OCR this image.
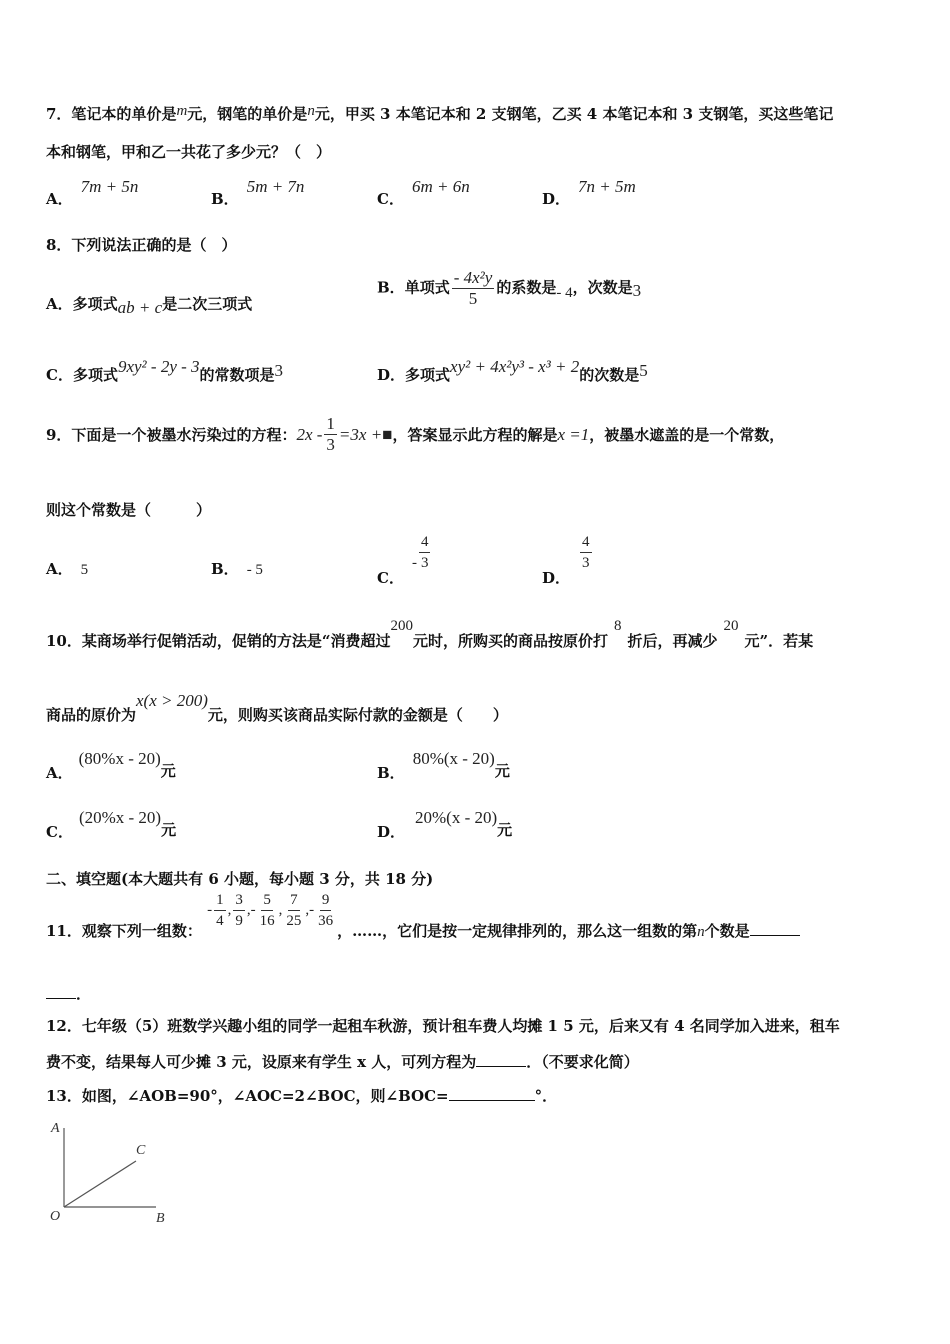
7．笔记本的单价是m元，钢笔的单价是n元，甲买 3 本笔记本和 2 支钢笔，乙买 4 本笔记本和 3 支钢笔，买这些笔记
本和钢笔，甲和乙一共花了多少元？（　）
A．7m + 5n
B．5m + 7n
C．6m + 6n
D．7n + 5m
8．下列说法正确的是（　）
A．多项式ab + c是二次三项式
B．单项式 $\frac{\text{- 4x²y}}{5}$ 的系数是- 4，次数是3
C．多项式9xy² - 2y - 3的常数项是3	D．多项式xy² + 4x²y³ - x³ + 2的次数是5
9．下面是一个被墨水污染过的方程： $2x - \frac{1}{3} =3x$ + ■ ，答案显示此方程的解是x =1，被墨水遮盖的是一个常数，
则这个常数是（　　　）
A． 5	B． - 5	C．- $\frac{4}{3}$
D．
$\frac{4}{3}$
10．某商场举行促销活动，促销的方法是“消费超过200元时，所购买的商品按原价打8折后，再减少20元”．若某
商品的原价为x(x > 200)元，则购买该商品实际付款的金额是（　　）
A．(80%x - 20)元	B．80%(x - 20)元
C．(20%x - 20)元	D．20%(x - 20)元
二、填空题(本大题共有 6 小题，每小题 3 分，共 18 分)
11．观察下列一组数：
- $\frac{1}{4}$ , $\frac{3}{9}$ , - $\frac{5}{16}$ , $\frac{7}{25}$ , - $\frac{9}{36}$ ，……，它们是按一定规律排列的，那么这一组数的第n个数是
．
12．七年级（5）班数学兴趣小组的同学一起租车秋游，预计租车费人均摊 1 5 元，后来又有 4 名同学加入进来，租车
费不变，结果每人可少摊 3 元，设原来有学生 x 人，可列方程为	．（不要求化简）
13．如图，∠AOB=90°，∠AOC=2∠BOC，则∠BOC=	°．
A
C
O	B
